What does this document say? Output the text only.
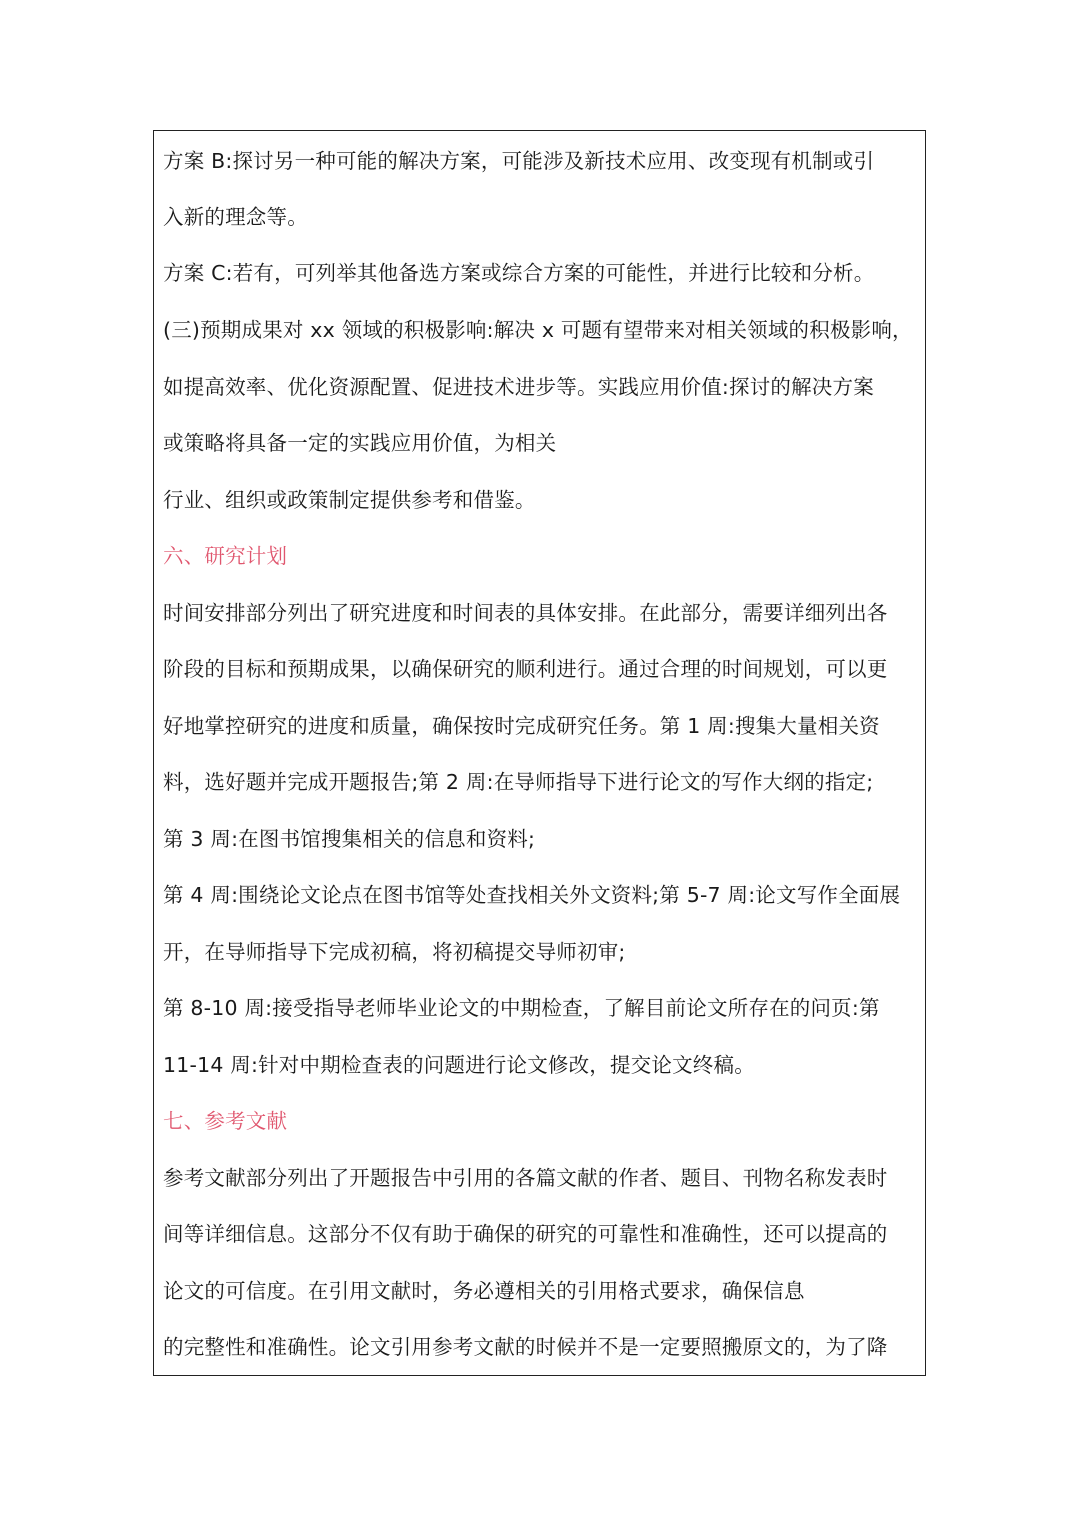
方案 B:探讨另一种可能的解决方案，可能涉及新技术应用、改变现有机制或引
入新的理念等。
方案 C:若有，可列举其他备选方案或综合方案的可能性，并进行比较和分析。
(三)预期成果对 xx 领域的积极影响:解决 x 可题有望带来对相关领域的积极影响，
如提高效率、优化资源配置、促进技术进步等。实践应用价值:探讨的解决方案
或策略将具备一定的实践应用价值，为相关
行业、组织或政策制定提供参考和借鉴。
六、研究计划
时间安排部分列出了研究进度和时间表的具体安排。在此部分，需要详细列出各
阶段的目标和预期成果，以确保研究的顺利进行。通过合理的时间规划，可以更
好地掌控研究的进度和质量，确保按时完成研究任务。第 1 周:搜集大量相关资
料，选好题并完成开题报告;第 2 周:在导师指导下进行论文的写作大纲的指定;
第 3 周:在图书馆搜集相关的信息和资料;
第 4 周:围绕论文论点在图书馆等处查找相关外文资料;第 5-7 周:论文写作全面展
开，在导师指导下完成初稿，将初稿提交导师初审;
第 8-10 周:接受指导老师毕业论文的中期检查，了解目前论文所存在的问页:第
11-14 周:针对中期检查表的问题进行论文修改，提交论文终稿。
七、参考文献
参考文献部分列出了开题报告中引用的各篇文献的作者、题目、刊物名称发表时
间等详细信息。这部分不仅有助于确保的研究的可靠性和准确性，还可以提高的
论文的可信度。在引用文献时，务必遵相关的引用格式要求，确保信息
的完整性和准确性。论文引用参考文献的时候并不是一定要照搬原文的，为了降
